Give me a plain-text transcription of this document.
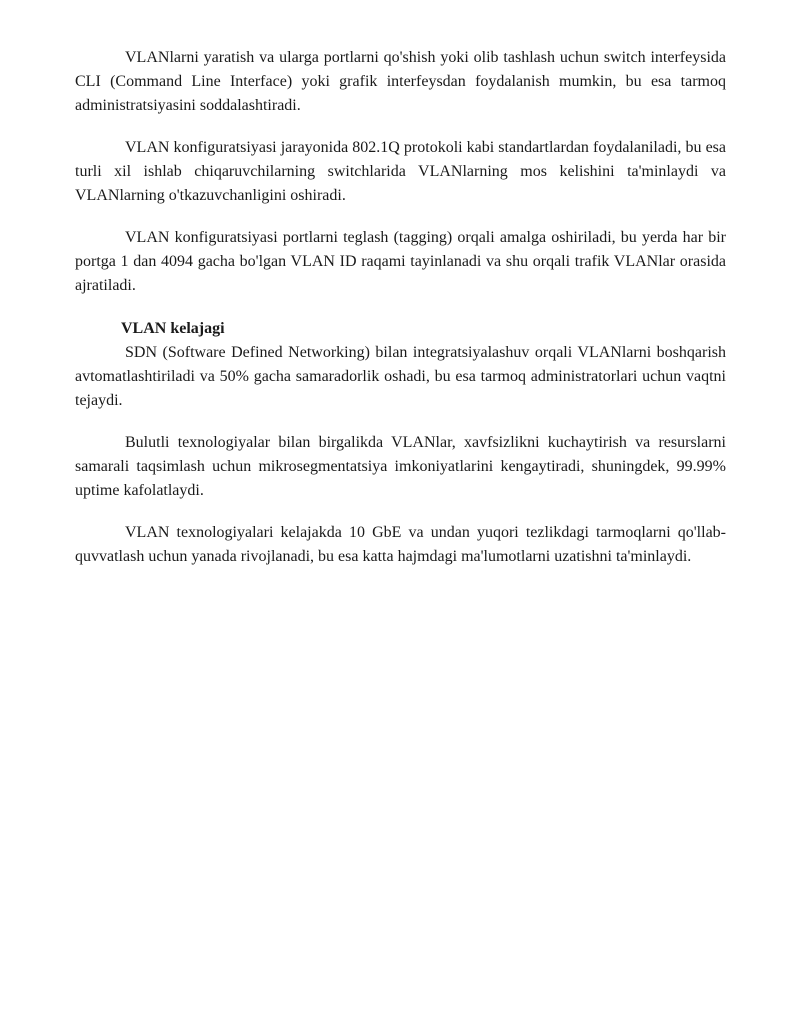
VLANlarni yaratish va ularga portlarni qo'shish yoki olib tashlash uchun switch interfeysida CLI (Command Line Interface) yoki grafik interfeysdan foydalanish mumkin, bu esa tarmoq administratsiyasini soddalashtiradi.

VLAN konfiguratsiyasi jarayonida 802.1Q protokoli kabi standartlardan foydalaniladi, bu esa turli xil ishlab chiqaruvchilarning switchlarida VLANlarning mos kelishini ta'minlaydi va VLANlarning o'tkazuvchanligini oshiradi.

VLAN konfiguratsiyasi portlarni teglash (tagging) orqali amalga oshiriladi, bu yerda har bir portga 1 dan 4094 gacha bo'lgan VLAN ID raqami tayinlanadi va shu orqali trafik VLANlar orasida ajratiladi.

VLAN kelajagi

SDN (Software Defined Networking) bilan integratsiyalashuv orqali VLANlarni boshqarish avtomatlashtiriladi va 50% gacha samaradorlik oshadi, bu esa tarmoq administratorlari uchun vaqtni tejaydi.

Bulutli texnologiyalar bilan birgalikda VLANlar, xavfsizlikni kuchaytirish va resurslarni samarali taqsimlash uchun mikrosegmentatsiya imkoniyatlarini kengaytiradi, shuningdek, 99.99% uptime kafolatlaydi.

VLAN texnologiyalari kelajakda 10 GbE va undan yuqori tezlikdagi tarmoqlarni qo'llab-quvvatlash uchun yanada rivojlanadi, bu esa katta hajmdagi ma'lumotlarni uzatishni ta'minlaydi.
